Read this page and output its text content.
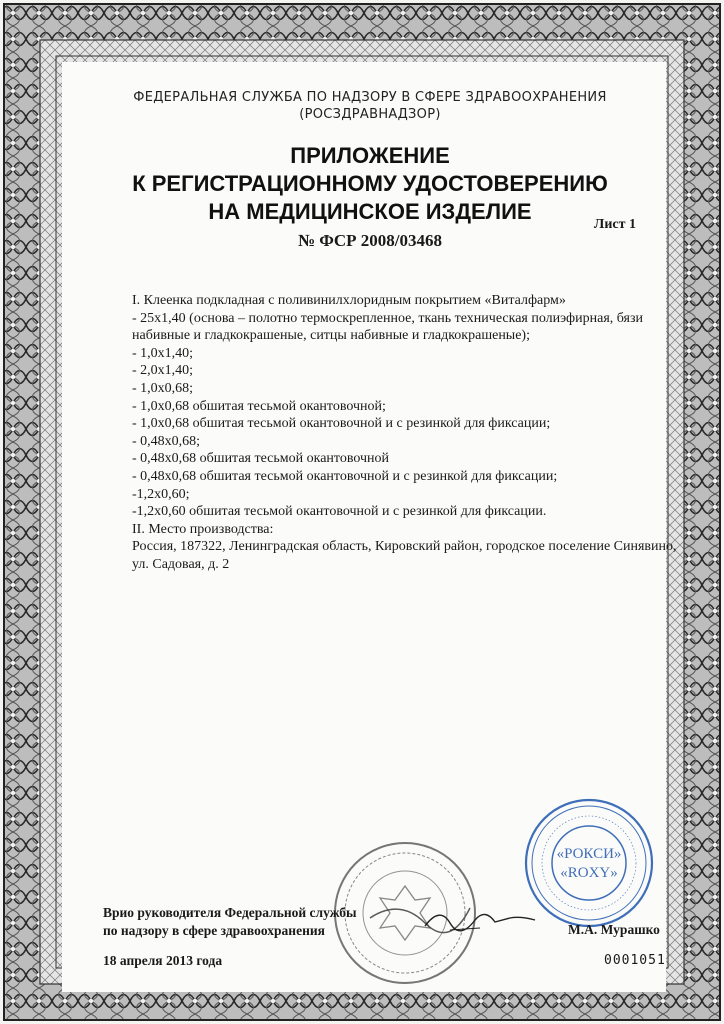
ФЕДЕРАЛЬНАЯ СЛУЖБА ПО НАДЗОРУ В СФЕРЕ ЗДРАВООХРАНЕНИЯ
(РОСЗДРАВНАДЗОР)
ПРИЛОЖЕНИЕ
К РЕГИСТРАЦИОННОМУ УДОСТОВЕРЕНИЮ
НА МЕДИЦИНСКОЕ ИЗДЕЛИЕ
Лист 1
№ ФСР 2008/03468
I. Клеенка подкладная с поливинилхлоридным покрытием «Виталфарм»
- 25х1,40 (основа – полотно термоскрепленное, ткань техническая полиэфирная, бязи набивные и гладкокрашеные, ситцы набивные и гладкокрашеные);
- 1,0х1,40;
- 2,0х1,40;
- 1,0х0,68;
- 1,0х0,68 обшитая тесьмой окантовочной;
- 1,0х0,68 обшитая тесьмой окантовочной и с резинкой для фиксации;
- 0,48х0,68;
- 0,48х0,68 обшитая тесьмой окантовочной
- 0,48х0,68 обшитая тесьмой окантовочной и с резинкой для фиксации;
-1,2х0,60;
-1,2х0,60 обшитая тесьмой окантовочной и с резинкой для фиксации.
II. Место производства:
Россия, 187322, Ленинградская область, Кировский район, городское поселение Синявино, ул. Садовая, д. 2
«РОКСИ»
«ROXY»
Врио руководителя Федеральной службы
по надзору в сфере здравоохранения	М.А. Мурашко
18 апреля 2013 года	0001051
